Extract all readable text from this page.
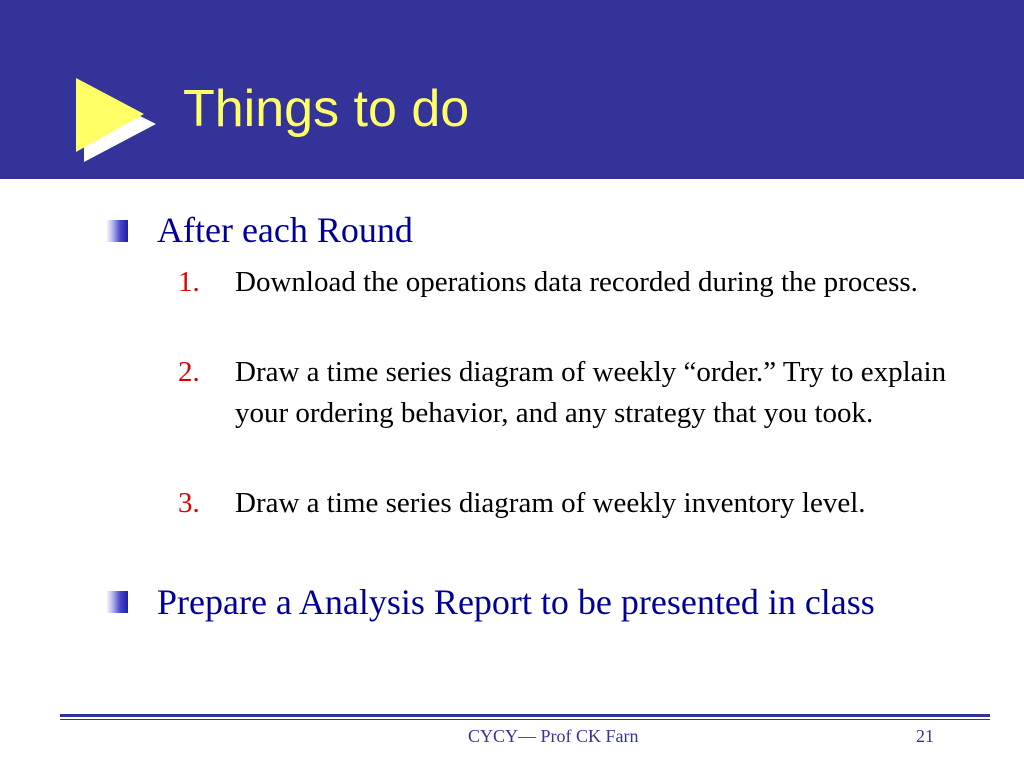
Things to do
After each Round
1.	Download the operations data recorded during the process.
2.	Draw a time series diagram of weekly “order.” Try to explain your ordering behavior, and any strategy that you took.
3.	Draw a time series diagram of weekly inventory level.
Prepare a Analysis Report to be presented in class
CYCY— Prof CK Farn	21
